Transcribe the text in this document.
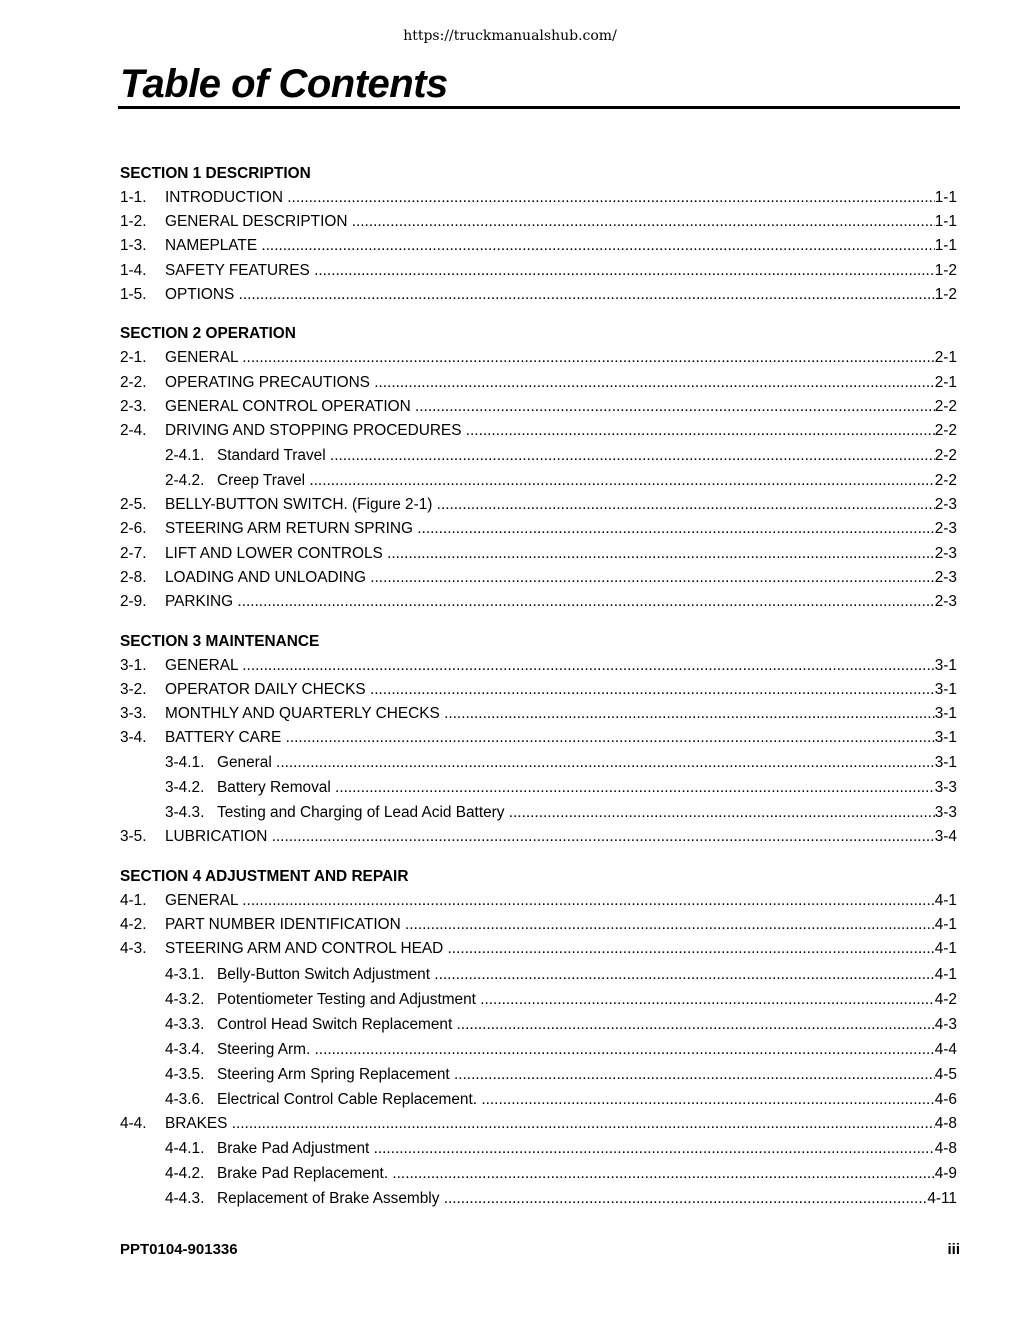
https://truckmanualshub.com/
Table of Contents
SECTION 1 DESCRIPTION
1-1.	INTRODUCTION .....	1-1
1-2.	GENERAL DESCRIPTION .....	1-1
1-3.	NAMEPLATE .....	1-1
1-4.	SAFETY FEATURES .....	1-2
1-5.	OPTIONS .....	1-2
SECTION 2 OPERATION
2-1.	GENERAL .....	2-1
2-2.	OPERATING PRECAUTIONS .....	2-1
2-3.	GENERAL CONTROL OPERATION .....	2-2
2-4.	DRIVING AND STOPPING PROCEDURES .....	2-2
2-4.1. Standard Travel .....	2-2
2-4.2. Creep Travel .....	2-2
2-5.	BELLY-BUTTON SWITCH. (Figure 2-1) .....	2-3
2-6.	STEERING ARM RETURN SPRING .....	2-3
2-7.	LIFT AND LOWER CONTROLS .....	2-3
2-8.	LOADING AND UNLOADING .....	2-3
2-9.	PARKING .....	2-3
SECTION 3 MAINTENANCE
3-1.	GENERAL .....	3-1
3-2.	OPERATOR DAILY CHECKS .....	3-1
3-3.	MONTHLY AND QUARTERLY CHECKS .....	3-1
3-4.	BATTERY CARE .....	3-1
3-4.1. General .....	3-1
3-4.2. Battery Removal .....	3-3
3-4.3. Testing and Charging of Lead Acid Battery .....	3-3
3-5.	LUBRICATION .....	3-4
SECTION 4 ADJUSTMENT AND REPAIR
4-1.	GENERAL .....	4-1
4-2.	PART NUMBER IDENTIFICATION .....	4-1
4-3.	STEERING ARM AND CONTROL HEAD .....	4-1
4-3.1. Belly-Button Switch Adjustment .....	4-1
4-3.2. Potentiometer Testing and Adjustment .....	4-2
4-3.3. Control Head Switch Replacement .....	4-3
4-3.4. Steering Arm. .....	4-4
4-3.5. Steering Arm Spring Replacement .....	4-5
4-3.6. Electrical Control Cable Replacement. .....	4-6
4-4.	BRAKES .....	4-8
4-4.1. Brake Pad Adjustment .....	4-8
4-4.2. Brake Pad Replacement. .....	4-9
4-4.3. Replacement of Brake Assembly .....	4-11
PPT0104-901336	iii
